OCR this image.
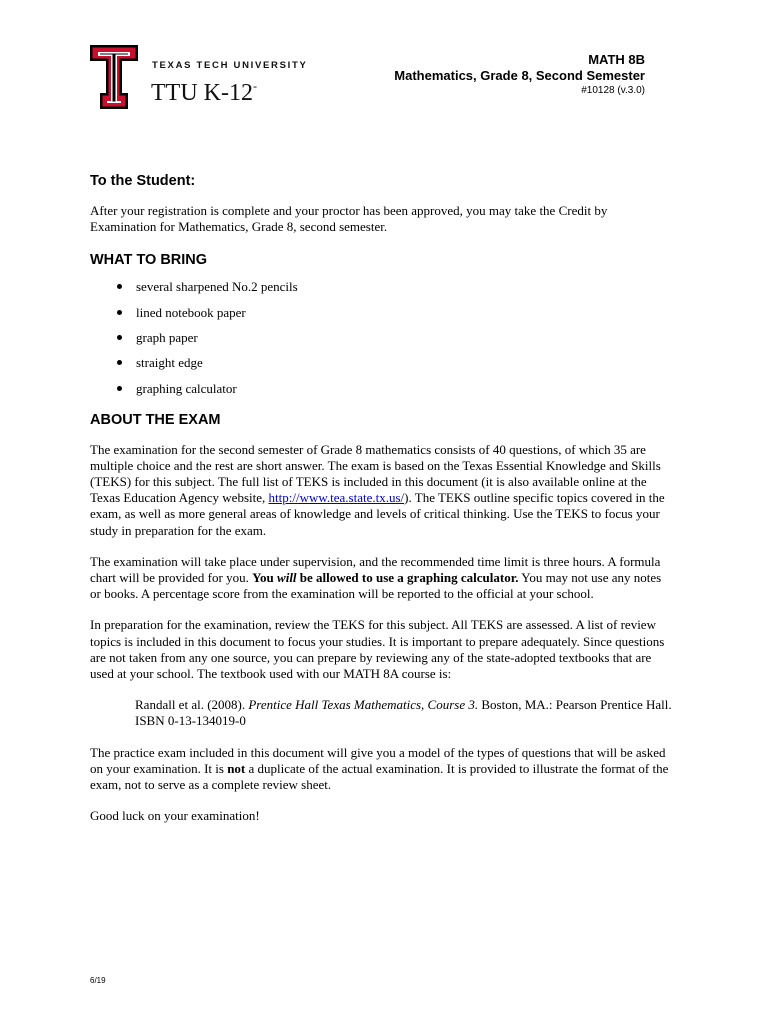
TEXAS TECH UNIVERSITY
TTU K-12-
MATH 8B
Mathematics, Grade 8, Second Semester
#10128 (v.3.0)
To the Student:

After your registration is complete and your proctor has been approved, you may take the Credit by Examination for Mathematics, Grade 8, second semester.

WHAT TO BRING
several sharpened No.2 pencils
lined notebook paper
graph paper
straight edge
graphing calculator
ABOUT THE EXAM

The examination for the second semester of Grade 8 mathematics consists of 40 questions, of which 35 are multiple choice and the rest are short answer. The exam is based on the Texas Essential Knowledge and Skills (TEKS) for this subject. The full list of TEKS is included in this document (it is also available online at the Texas Education Agency website, http://www.tea.state.tx.us/). The TEKS outline specific topics covered in the exam, as well as more general areas of knowledge and levels of critical thinking. Use the TEKS to focus your study in preparation for the exam.

The examination will take place under supervision, and the recommended time limit is three hours. A formula chart will be provided for you. You will be allowed to use a graphing calculator. You may not use any notes or books. A percentage score from the examination will be reported to the official at your school.

In preparation for the examination, review the TEKS for this subject. All TEKS are assessed. A list of review topics is included in this document to focus your studies. It is important to prepare adequately. Since questions are not taken from any one source, you can prepare by reviewing any of the state-adopted textbooks that are used at your school. The textbook used with our MATH 8A course is:

Randall et al. (2008). Prentice Hall Texas Mathematics, Course 3. Boston, MA.: Pearson Prentice Hall. ISBN 0-13-134019-0

The practice exam included in this document will give you a model of the types of questions that will be asked on your examination. It is not a duplicate of the actual examination. It is provided to illustrate the format of the exam, not to serve as a complete review sheet.

Good luck on your examination!

6/19
